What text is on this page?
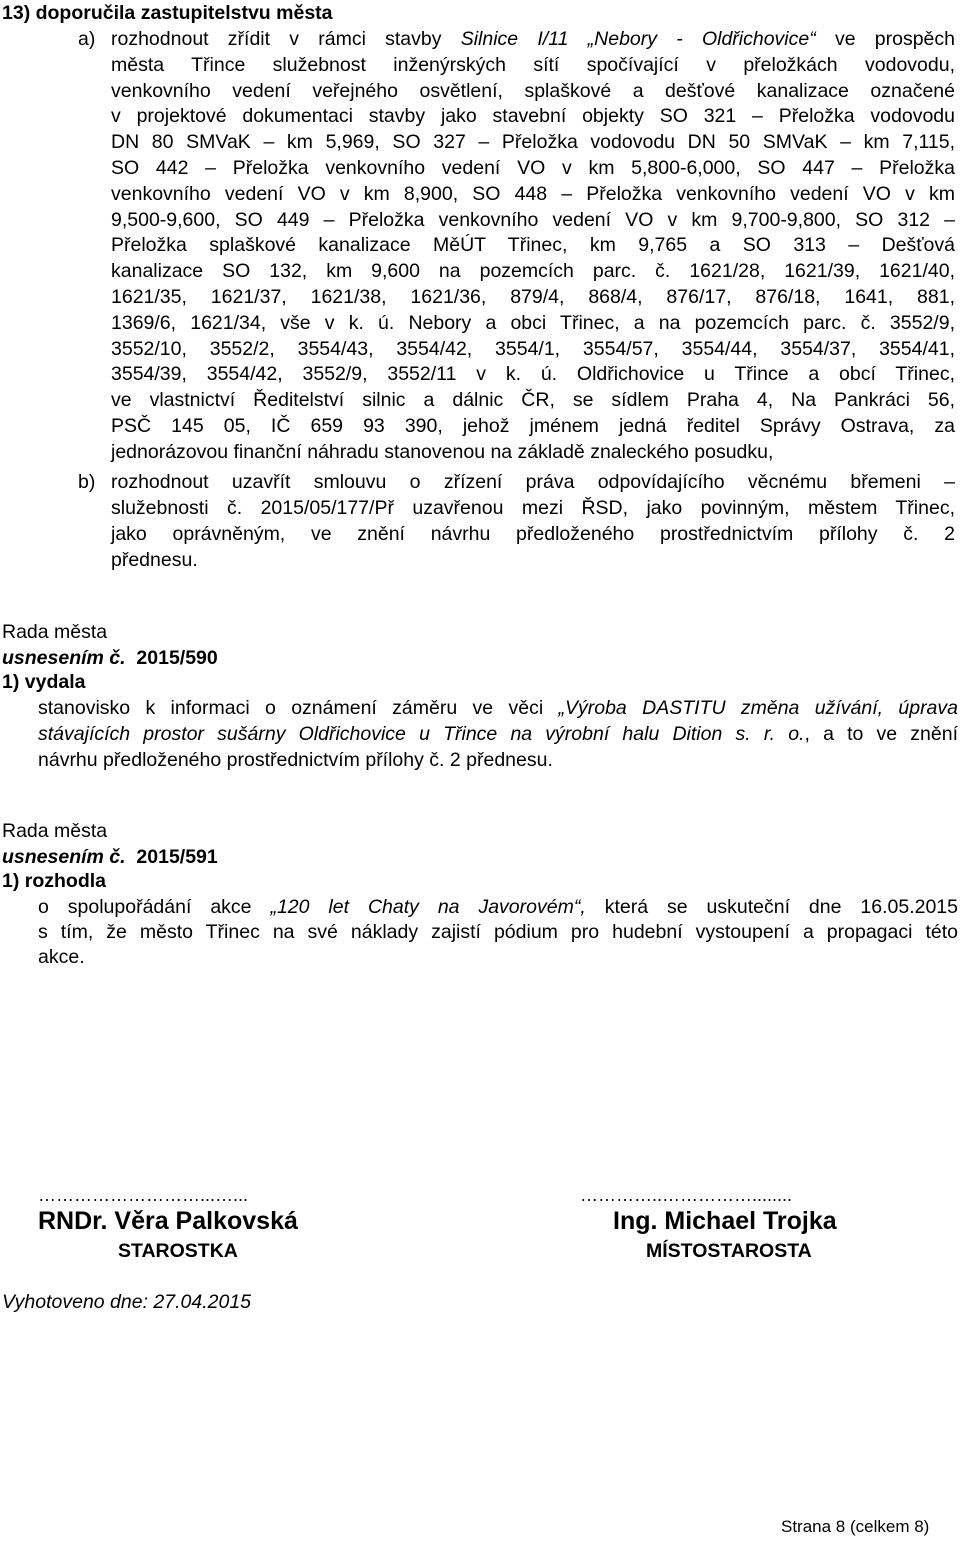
13) doporučila zastupitelstvu města
a) rozhodnout zřídit v rámci stavby Silnice I/11 „Nebory - Oldřichovice“ ve prospěch
města Třince služebnost inženýrských sítí spočívající v přeložkách vodovodu,
venkovního vedení veřejného osvětlení, splaškové a dešťové kanalizace označené
v projektové dokumentaci stavby jako stavební objekty SO 321 – Přeložka vodovodu
DN 80 SMVaK – km 5,969, SO 327 – Přeložka vodovodu DN 50 SMVaK – km 7,115,
SO 442 – Přeložka venkovního vedení VO v km 5,800-6,000, SO 447 – Přeložka
venkovního vedení VO v km 8,900, SO 448 – Přeložka venkovního vedení VO v km
9,500-9,600, SO 449 – Přeložka venkovního vedení VO v km 9,700-9,800, SO 312 –
Přeložka splaškové kanalizace MěÚT Třinec, km 9,765 a SO 313 – Dešťová
kanalizace SO 132, km 9,600 na pozemcích parc. č. 1621/28, 1621/39, 1621/40,
1621/35, 1621/37, 1621/38, 1621/36, 879/4, 868/4, 876/17, 876/18, 1641, 881,
1369/6, 1621/34, vše v k. ú. Nebory a obci Třinec, a na pozemcích parc. č. 3552/9,
3552/10, 3552/2, 3554/43, 3554/42, 3554/1, 3554/57, 3554/44, 3554/37, 3554/41,
3554/39, 3554/42, 3552/9, 3552/11 v k. ú. Oldřichovice u Třince a obcí Třinec,
ve vlastnictví Ředitelství silnic a dálnic ČR, se sídlem Praha 4, Na Pankráci 56,
PSČ 145 05, IČ 659 93 390, jehož jménem jedná ředitel Správy Ostrava, za
jednorázovou finanční náhradu stanovenou na základě znaleckého posudku,
b) rozhodnout uzavřít smlouvu o zřízení práva odpovídajícího věcnému břemeni –
služebnosti č. 2015/05/177/Př uzavřenou mezi ŘSD, jako povinným, městem Třinec,
jako oprávněným, ve znění návrhu předloženého prostřednictvím přílohy č. 2
přednesu.
Rada města
usnesením č. 2015/590
1) vydala
stanovisko k informaci o oznámení záměru ve věci „Výroba DASTITU změna užívání, úprava
stávajících prostor sušárny Oldřichovice u Třince na výrobní halu Dition s. r. o., a to ve znění
návrhu předloženého prostřednictvím přílohy č. 2 přednesu.
Rada města
usnesením č. 2015/591
1) rozhodla
o spolupořádání akce „120 let Chaty na Javorovém“, která se uskuteční dne 16.05.2015
s tím, že město Třinec na své náklady zajistí pódium pro hudební vystoupení a propagaci této
akce.
………………………...…...
RNDr. Věra Palkovská
STAROSTKA
…………..……………........
Ing. Michael Trojka
MÍSTOSTAROSTA
Vyhotoveno dne: 27.04.2015
Strana 8 (celkem 8)
